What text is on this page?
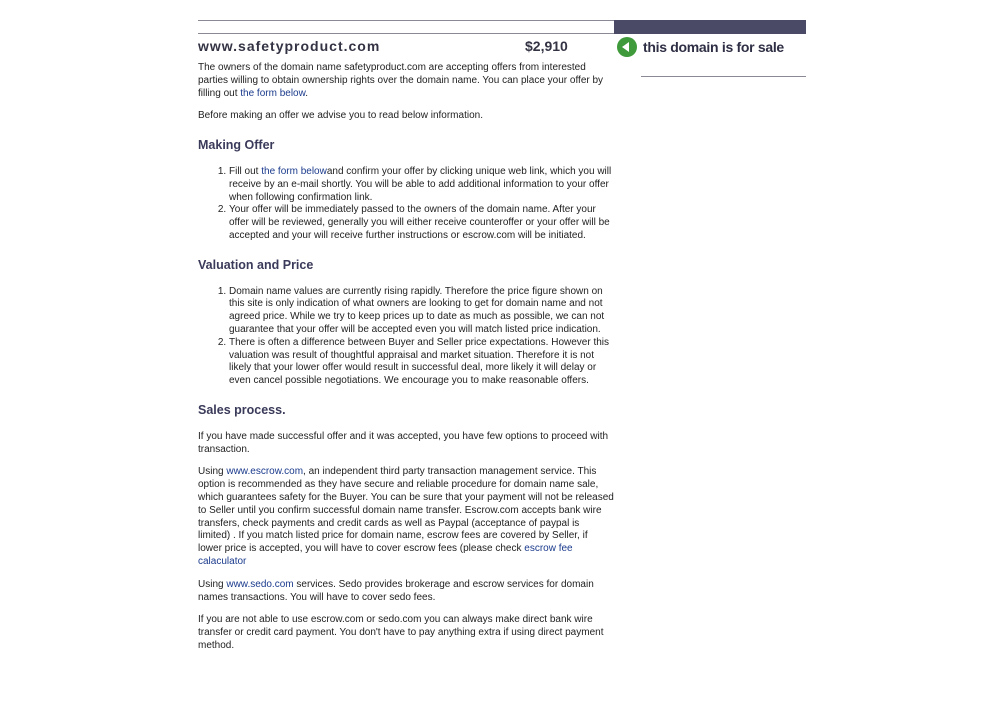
www.safetyproduct.com	$2,910	this domain is for sale

The owners of the domain name safetyproduct.com are accepting offers from interested parties willing to obtain ownership rights over the domain name. You can place your offer by filling out the form below.

Before making an offer we advise you to read below information.

Making Offer
1. Fill out the form belowand confirm your offer by clicking unique web link, which you will receive by an e-mail shortly. You will be able to add additional information to your offer when following confirmation link.
2. Your offer will be immediately passed to the owners of the domain name. After your offer will be reviewed, generally you will either receive counteroffer or your offer will be accepted and your will receive further instructions or escrow.com will be initiated.
Valuation and Price
1. Domain name values are currently rising rapidly. Therefore the price figure shown on this site is only indication of what owners are looking to get for domain name and not agreed price. While we try to keep prices up to date as much as possible, we can not guarantee that your offer will be accepted even you will match listed price indication.
2. There is often a difference between Buyer and Seller price expectations. However this valuation was result of thoughtful appraisal and market situation. Therefore it is not likely that your lower offer would result in successful deal, more likely it will delay or even cancel possible negotiations. We encourage you to make reasonable offers.
Sales process.

If you have made successful offer and it was accepted, you have few options to proceed with transaction.

Using www.escrow.com, an independent third party transaction management service. This option is recommended as they have secure and reliable procedure for domain name sale, which guarantees safety for the Buyer. You can be sure that your payment will not be released to Seller until you confirm successful domain name transfer. Escrow.com accepts bank wire transfers, check payments and credit cards as well as Paypal (acceptance of paypal is limited) . If you match listed price for domain name, escrow fees are covered by Seller, if lower price is accepted, you will have to cover escrow fees (please check escrow fee calaculator

Using www.sedo.com services. Sedo provides brokerage and escrow services for domain names transactions. You will have to cover sedo fees.

If you are not able to use escrow.com or sedo.com you can always make direct bank wire transfer or credit card payment. You don't have to pay anything extra if using direct payment method.
